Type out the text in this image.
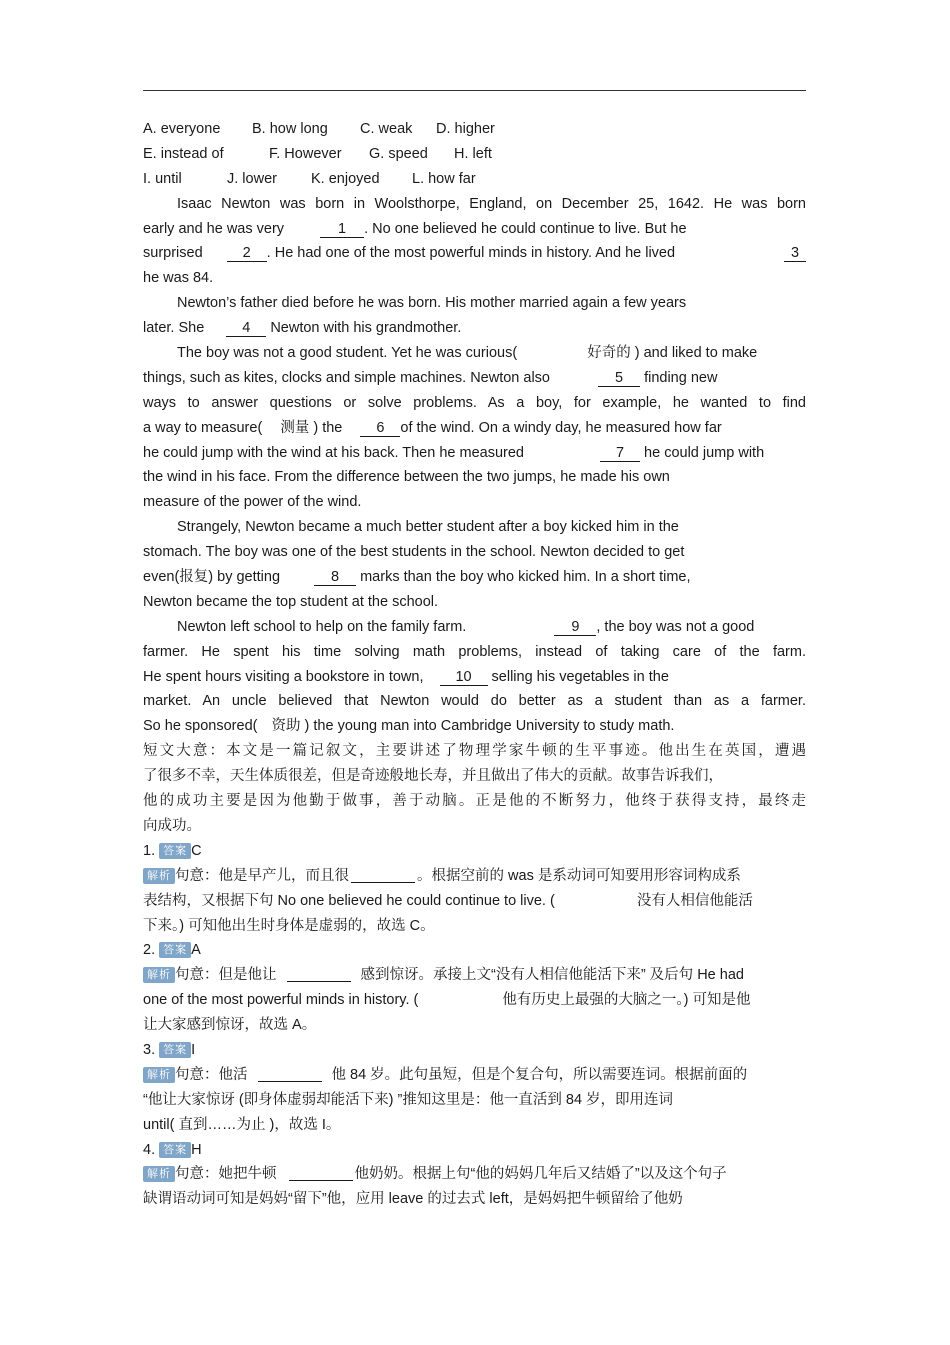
A. everyone B. how long C. weak D. higher
E. instead of	F. However G. speed H. left
I. until	J. lower K. enjoyed L. how far
Isaac Newton was born in Woolsthorpe, England, on December 25, 1642. He was born
early and he was very	1 . No one believed he could continue to live. But he
surprised	2 . He had one of the most powerful minds in history. And he lived	3
he was 84.
Newton’s father died before he was born. His mother married again a few years
later. She	4 Newton with his grandmother.
The boy was not a good student. Yet he was curious(	好奇的 ) and liked to make
things, such as kites, clocks and simple machines. Newton also	5 finding new
ways to answer questions or solve problems. As a boy, for example, he wanted to find
a way to measure( 测量 ) the 6 of the wind. On a windy day, he measured how far
he could jump with the wind at his back. Then he measured	7 he could jump with
the wind in his face. From the difference between the two jumps, he made his own
measure of the power of the wind.
Strangely, Newton became a much better student after a boy kicked him in the
stomach. The boy was one of the best students in the school. Newton decided to get
even(报复) by getting	8 marks than the boy who kicked him. In a short time,
Newton became the top student at the school.
Newton left school to help on the family farm.	9 , the boy was not a good
farmer. He spent his time solving math problems, instead of taking care of the farm.
He spent hours visiting a bookstore in town, 10 selling his vegetables in the
market. An uncle believed that Newton would do better as a student than as a farmer.
So he sponsored( 资助 ) the young man into Cambridge University to study math.
短文大意：本文是一篇记叙文，主要讲述了物理学家牛顿的生平事迹。他出生在英国，遭遇
了很多不幸，天生体质很差，但是奇迹般地长寿，并且做出了伟大的贡献。故事告诉我们，
他的成功主要是因为他勤于做事，善于动脑。正是他的不断努力，他终于获得支持，最终走
向成功。
1. 答案 C
解析 句意：他是早产儿，而且很	。根据空前的 was 是系动词可知要用形容词构成系
表结构，又根据下句 No one believed he could continue to live. (	没有人相信他能活
下来。) 可知他出生时身体是虚弱的，故选 C。
2. 答案 A
解析 句意：但是他让	感到惊讶。承接上文“没有人相信他能活下来” 及后句 He had
one of the most powerful minds in history. (	他有历史上最强的大脑之一。) 可知是他
让大家感到惊讶，故选 A。
3. 答案 I
解析 句意：他活	他 84 岁。此句虽短，但是个复合句，所以需要连词。根据前面的
“他让大家惊讶 (即身体虚弱却能活下来) ”推知这里是：他一直活到 84 岁，即用连词
until( 直到……为止 )，故选 I。
4. 答案 H
解析 句意：她把牛顿	他奶奶。根据上句“他的妈妈几年后又结婚了”以及这个句子
缺谓语动词可知是妈妈“留下”他，应用 leave 的过去式 left，是妈妈把牛顿留给了他奶
